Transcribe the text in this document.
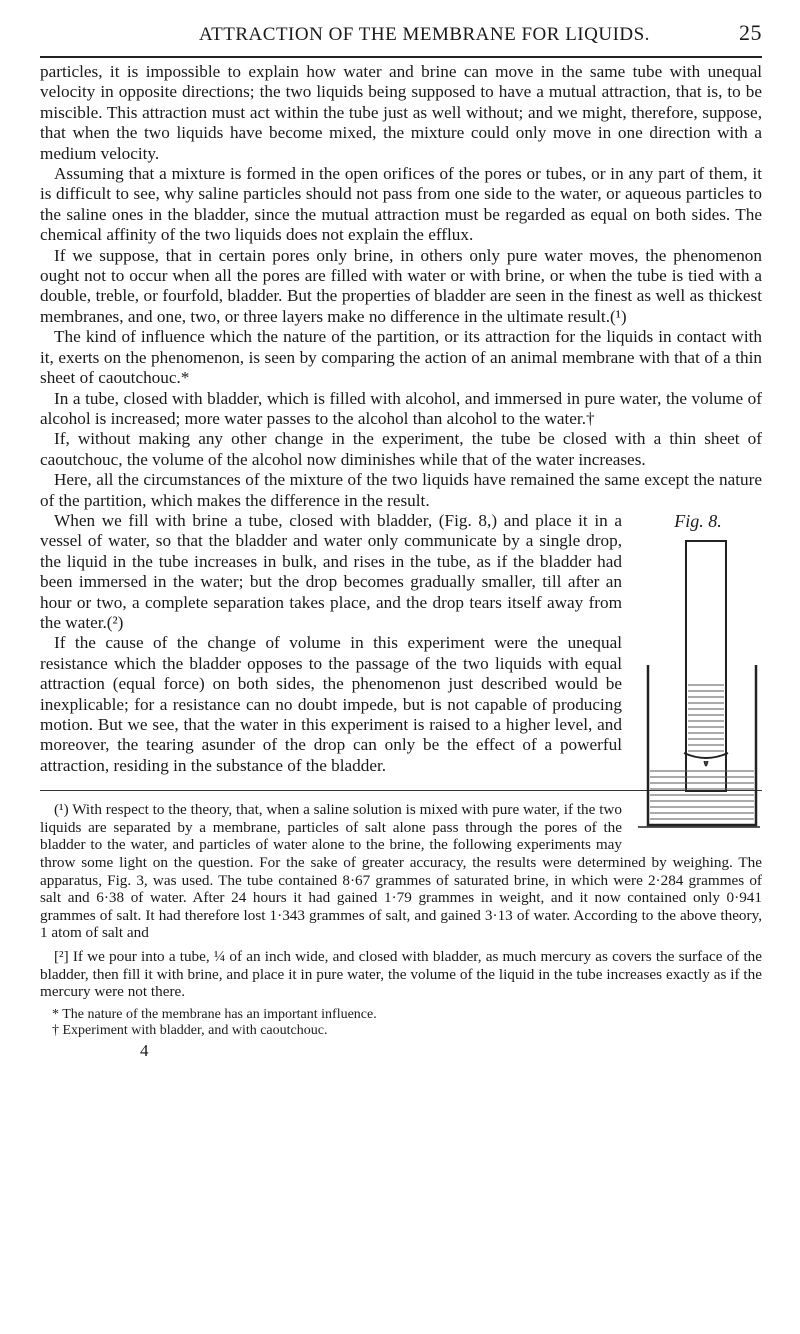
ATTRACTION OF THE MEMBRANE FOR LIQUIDS.	25

particles, it is impossible to explain how water and brine can move in the same tube with unequal velocity in opposite directions; the two liquids being supposed to have a mutual attraction, that is, to be miscible. This attraction must act within the tube just as well without; and we might, therefore, suppose, that when the two liquids have become mixed, the mixture could only move in one direction with a medium velocity.

Assuming that a mixture is formed in the open orifices of the pores or tubes, or in any part of them, it is difficult to see, why saline particles should not pass from one side to the water, or aqueous particles to the saline ones in the bladder, since the mutual attraction must be regarded as equal on both sides. The chemical affinity of the two liquids does not explain the efflux.

If we suppose, that in certain pores only brine, in others only pure water moves, the phenomenon ought not to occur when all the pores are filled with water or with brine, or when the tube is tied with a double, treble, or fourfold, bladder. But the properties of bladder are seen in the finest as well as thickest membranes, and one, two, or three layers make no difference in the ultimate result.(¹)

The kind of influence which the nature of the partition, or its attraction for the liquids in contact with it, exerts on the phenomenon, is seen by comparing the action of an animal membrane with that of a thin sheet of caoutchouc.*

In a tube, closed with bladder, which is filled with alcohol, and immersed in pure water, the volume of alcohol is increased; more water passes to the alcohol than alcohol to the water.†

If, without making any other change in the experiment, the tube be closed with a thin sheet of caoutchouc, the volume of the alcohol now diminishes while that of the water increases.

Here, all the circumstances of the mixture of the two liquids have remained the same except the nature of the partition, which makes the difference in the result.

Fig. 8.

When we fill with brine a tube, closed with bladder, (Fig. 8,) and place it in a vessel of water, so that the bladder and water only communicate by a single drop, the liquid in the tube increases in bulk, and rises in the tube, as if the bladder had been immersed in the water; but the drop becomes gradually smaller, till after an hour or two, a complete separation takes place, and the drop tears itself away from the water.(²)

If the cause of the change of volume in this experiment were the unequal resistance which the bladder opposes to the passage of the two liquids with equal attraction (equal force) on both sides, the phenomenon just described would be inexplicable; for a resistance can no doubt impede, but is not capable of producing motion. But we see, that the water in this experiment is raised to a higher level, and moreover, the tearing asunder of the drop can only be the effect of a powerful attraction, residing in the substance of the bladder.

(¹) With respect to the theory, that, when a saline solution is mixed with pure water, if the two liquids are separated by a membrane, particles of salt alone pass through the pores of the bladder to the water, and particles of water alone to the brine, the following experiments may throw some light on the question. For the sake of greater accuracy, the results were determined by weighing. The apparatus, Fig. 3, was used. The tube contained 8·67 grammes of saturated brine, in which were 2·284 grammes of salt and 6·38 of water. After 24 hours it had gained 1·79 grammes in weight, and it now contained only 0·941 grammes of salt. It had therefore lost 1·343 grammes of salt, and gained 3·13 of water. According to the above theory, 1 atom of salt and

[²] If we pour into a tube, ¼ of an inch wide, and closed with bladder, as much mercury as covers the surface of the bladder, then fill it with brine, and place it in pure water, the volume of the liquid in the tube increases exactly as if the mercury were not there.

* The nature of the membrane has an important influence.
† Experiment with bladder, and with caoutchouc.
4
